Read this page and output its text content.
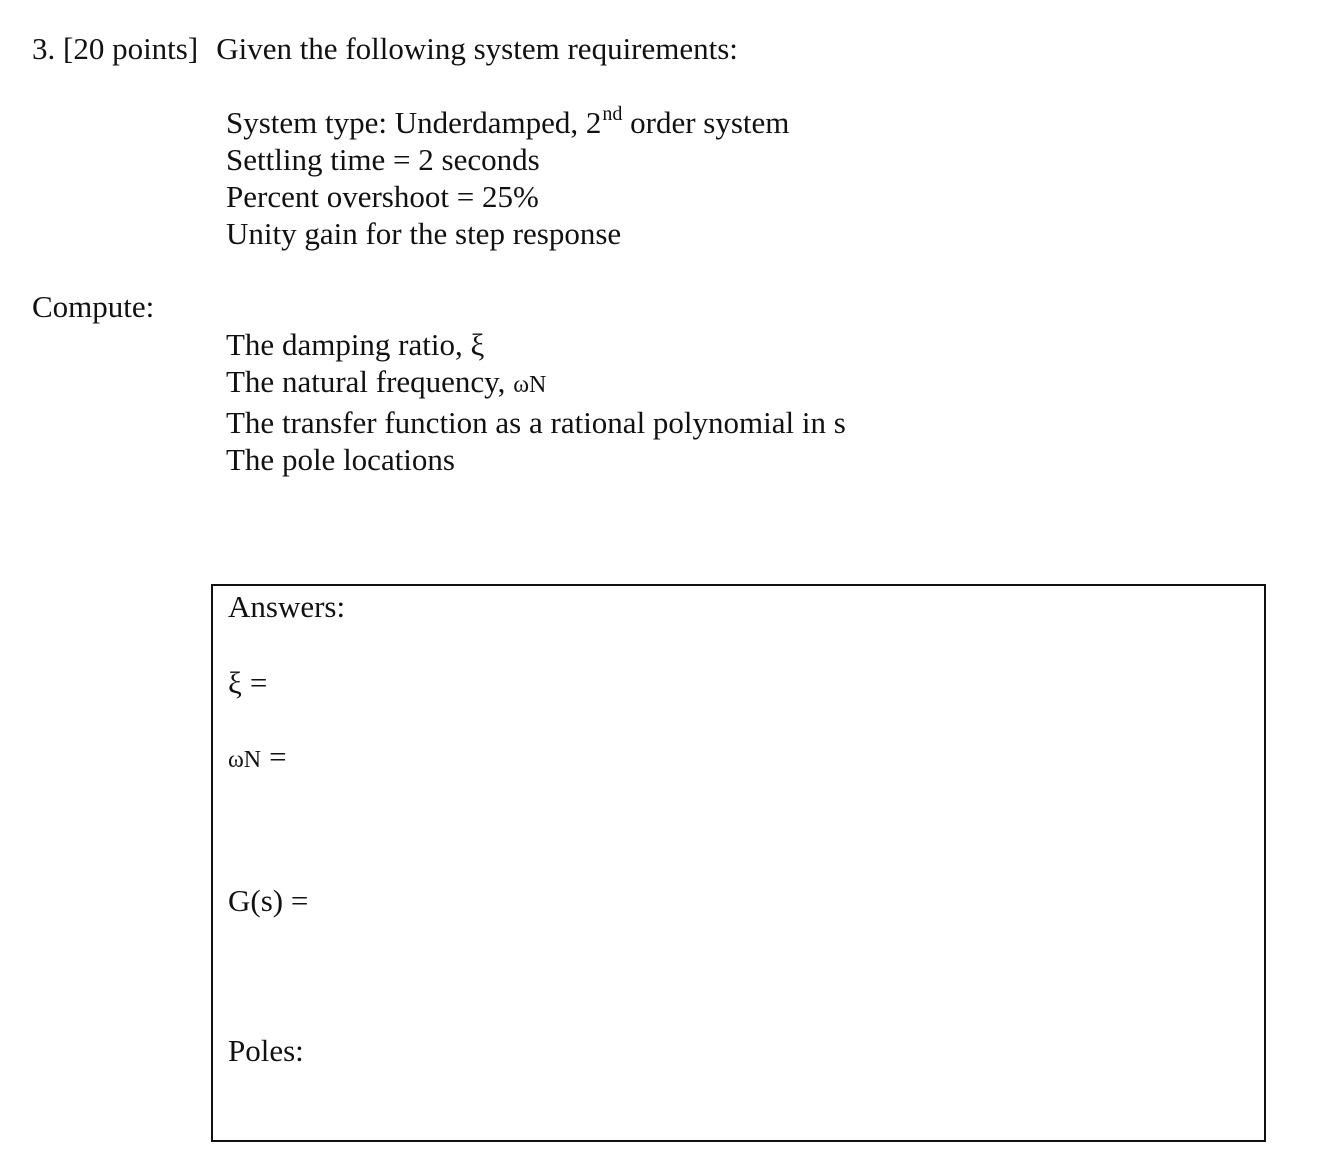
3. [20 points] Given the following system requirements:
System type: Underdamped, 2nd order system
Settling time = 2 seconds
Percent overshoot = 25%
Unity gain for the step response
Compute:
The damping ratio, ξ
The natural frequency, ωN
The transfer function as a rational polynomial in s
The pole locations
Answers:
ξ =
ωN =
G(s) =
Poles:
